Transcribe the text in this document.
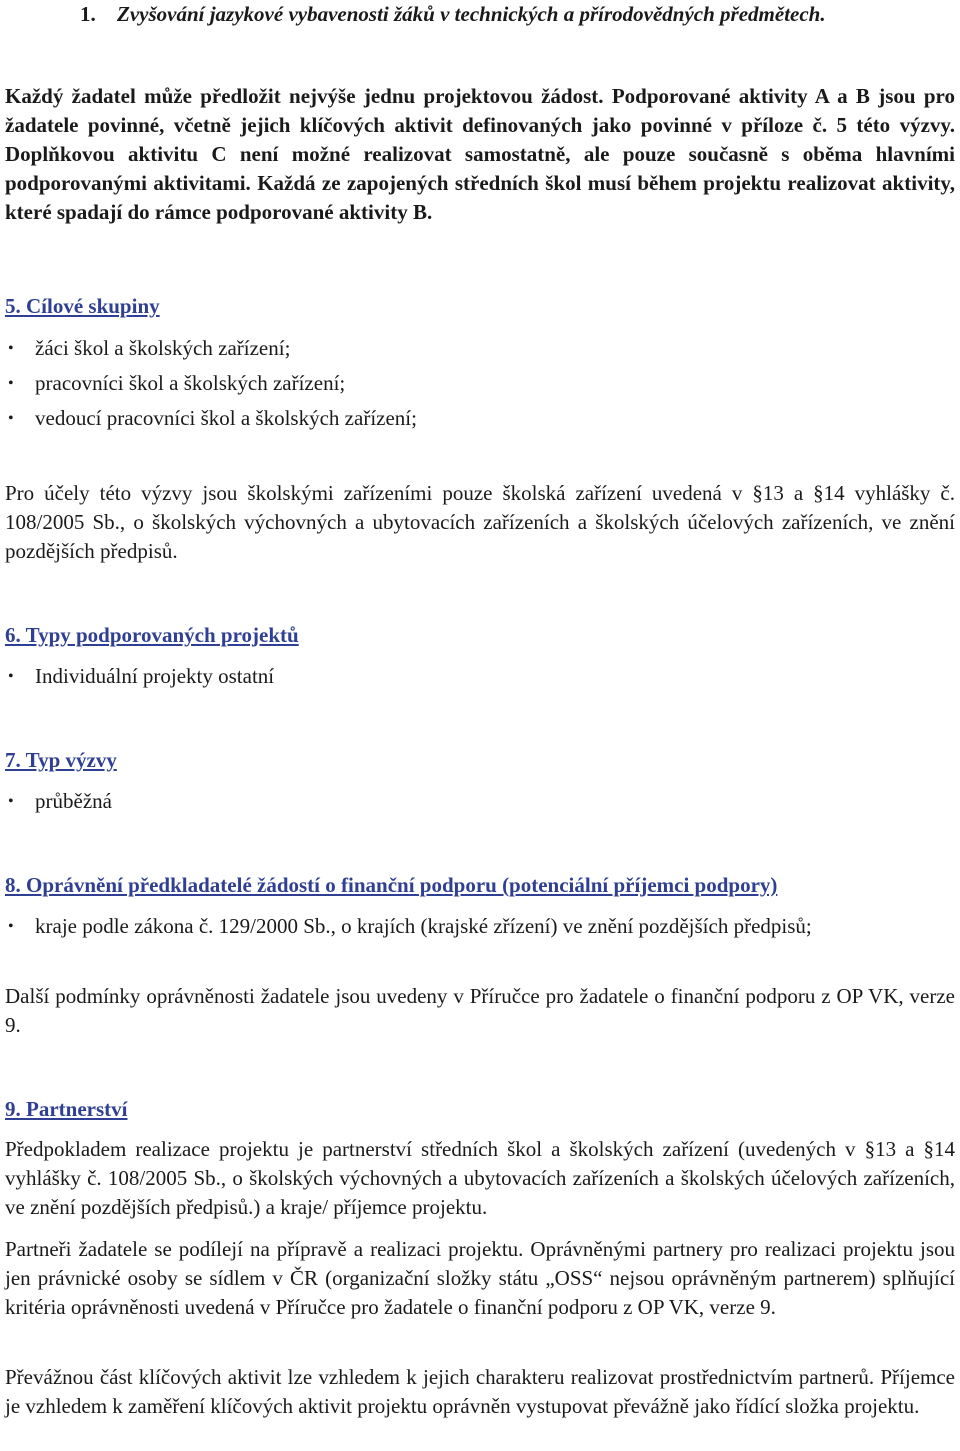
1.	Zvyšování jazykové vybavenosti žáků v technických a přírodovědných předmětech.

Každý žadatel může předložit nejvýše jednu projektovou žádost. Podporované aktivity A a B jsou pro žadatele povinné, včetně jejich klíčových aktivit definovaných jako povinné v příloze č. 5 této výzvy. Doplňkovou aktivitu C není možné realizovat samostatně, ale pouze současně s oběma hlavními podporovanými aktivitami. Každá ze zapojených středních škol musí během projektu realizovat aktivity, které spadají do rámce podporované aktivity B.

5. Cílové skupiny
• žáci škol a školských zařízení;
• pracovníci škol a školských zařízení;
• vedoucí pracovníci škol a školských zařízení;

Pro účely této výzvy jsou školskými zařízeními pouze školská zařízení uvedená v §13 a §14 vyhlášky č. 108/2005 Sb., o školských výchovných a ubytovacích zařízeních a školských účelových zařízeních, ve znění pozdějších předpisů.

6. Typy podporovaných projektů
• Individuální projekty ostatní
7. Typ výzvy
• průběžná
8. Oprávnění předkladatelé žádostí o finanční podporu (potenciální příjemci podpory)
• kraje podle zákona č. 129/2000 Sb., o krajích (krajské zřízení) ve znění pozdějších předpisů;

Další podmínky oprávněnosti žadatele jsou uvedeny v Příručce pro žadatele o finanční podporu z OP VK, verze 9.

9. Partnerství

Předpokladem realizace projektu je partnerství středních škol a školských zařízení (uvedených v §13 a §14 vyhlášky č. 108/2005 Sb., o školských výchovných a ubytovacích zařízeních a školských účelových zařízeních, ve znění pozdějších předpisů.) a kraje/ příjemce projektu.

Partneři žadatele se podílejí na přípravě a realizaci projektu. Oprávněnými partnery pro realizaci projektu jsou jen právnické osoby se sídlem v ČR (organizační složky státu „OSS“ nejsou oprávněným partnerem) splňující kritéria oprávněnosti uvedená v Příručce pro žadatele o finanční podporu z OP VK, verze 9.

Převážnou část klíčových aktivit lze vzhledem k jejich charakteru realizovat prostřednictvím partnerů. Příjemce je vzhledem k zaměření klíčových aktivit projektu oprávněn vystupovat převážně jako řídící složka projektu.
